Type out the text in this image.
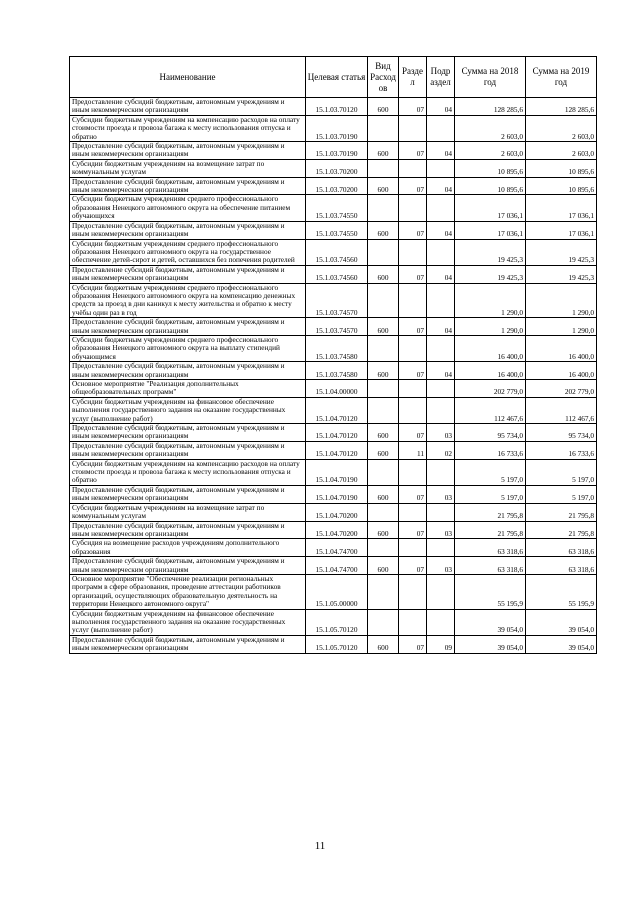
Наименование	Целевая статья	Вид Расход ов	Разде л	Подр аздел	Сумма на 2018 год	Сумма на 2019 год
Предоставление субсидий бюджетным, автономным учреждениям и иным некоммерческим организациям	15.1.03.70120	600	07	04	128 285,6	128 285,6
Субсидии бюджетным учреждениям на компенсацию расходов на оплату стоимости проезда и провоза багажа к месту использования отпуска и обратно	15.1.03.70190				2 603,0	2 603,0
Предоставление субсидий бюджетным, автономным учреждениям и иным некоммерческим организациям	15.1.03.70190	600	07	04	2 603,0	2 603,0
Субсидии бюджетным учреждениям на возмещение затрат по коммунальным услугам	15.1.03.70200				10 895,6	10 895,6
Предоставление субсидий бюджетным, автономным учреждениям и иным некоммерческим организациям	15.1.03.70200	600	07	04	10 895,6	10 895,6
Субсидии бюджетным учреждениям среднего профессионального образования Ненецкого автономного округа на обеспечение питанием обучающихся	15.1.03.74550				17 036,1	17 036,1
Предоставление субсидий бюджетным, автономным учреждениям и иным некоммерческим организациям	15.1.03.74550	600	07	04	17 036,1	17 036,1
Субсидии бюджетным учреждениям среднего профессионального образования Ненецкого автономного округа на государственное обеспечение детей-сирот и детей, оставшихся без попечения родителей	15.1.03.74560				19 425,3	19 425,3
Предоставление субсидий бюджетным, автономным учреждениям и иным некоммерческим организациям	15.1.03.74560	600	07	04	19 425,3	19 425,3
Субсидии бюджетным учреждениям среднего профессионального образования Ненецкого автономного округа на компенсацию денежных средств за проезд в дни каникул к месту жительства и обратно к месту учёбы один раз в год	15.1.03.74570				1 290,0	1 290,0
Предоставление субсидий бюджетным, автономным учреждениям и иным некоммерческим организациям	15.1.03.74570	600	07	04	1 290,0	1 290,0
Субсидии бюджетным учреждениям среднего профессионального образования Ненецкого автономного округа на выплату стипендий обучающимся	15.1.03.74580				16 400,0	16 400,0
Предоставление субсидий бюджетным, автономным учреждениям и иным некоммерческим организациям	15.1.03.74580	600	07	04	16 400,0	16 400,0
Основное мероприятие "Реализация дополнительных общеобразовательных программ"	15.1.04.00000				202 779,0	202 779,0
Субсидии бюджетным учреждениям на финансовое обеспечение выполнения государственного задания на оказание государственных услуг (выполнение работ)	15.1.04.70120				112 467,6	112 467,6
Предоставление субсидий бюджетным, автономным учреждениям и иным некоммерческим организациям	15.1.04.70120	600	07	03	95 734,0	95 734,0
Предоставление субсидий бюджетным, автономным учреждениям и иным некоммерческим организациям	15.1.04.70120	600	11	02	16 733,6	16 733,6
Субсидии бюджетным учреждениям на компенсацию расходов на оплату стоимости проезда и провоза багажа к месту использования отпуска и обратно	15.1.04.70190				5 197,0	5 197,0
Предоставление субсидий бюджетным, автономным учреждениям и иным некоммерческим организациям	15.1.04.70190	600	07	03	5 197,0	5 197,0
Субсидии бюджетным учреждениям на возмещение затрат по коммунальным услугам	15.1.04.70200				21 795,8	21 795,8
Предоставление субсидий бюджетным, автономным учреждениям и иным некоммерческим организациям	15.1.04.70200	600	07	03	21 795,8	21 795,8
Субсидия на возмещение расходов учреждениям дополнительного образования	15.1.04.74700				63 318,6	63 318,6
Предоставление субсидий бюджетным, автономным учреждениям и иным некоммерческим организациям	15.1.04.74700	600	07	03	63 318,6	63 318,6
Основное мероприятие "Обеспечение реализации региональных программ в сфере образования, проведение аттестации работников организаций, осуществляющих образовательную деятельность на территории Ненецкого автономного округа"	15.1.05.00000				55 195,9	55 195,9
Субсидии бюджетным учреждениям на финансовое обеспечение выполнения государственного задания на оказание государственных услуг (выполнение работ)	15.1.05.70120				39 054,0	39 054,0
Предоставление субсидий бюджетным, автономным учреждениям и иным некоммерческим организациям	15.1.05.70120	600	07	09	39 054,0	39 054,0
11
